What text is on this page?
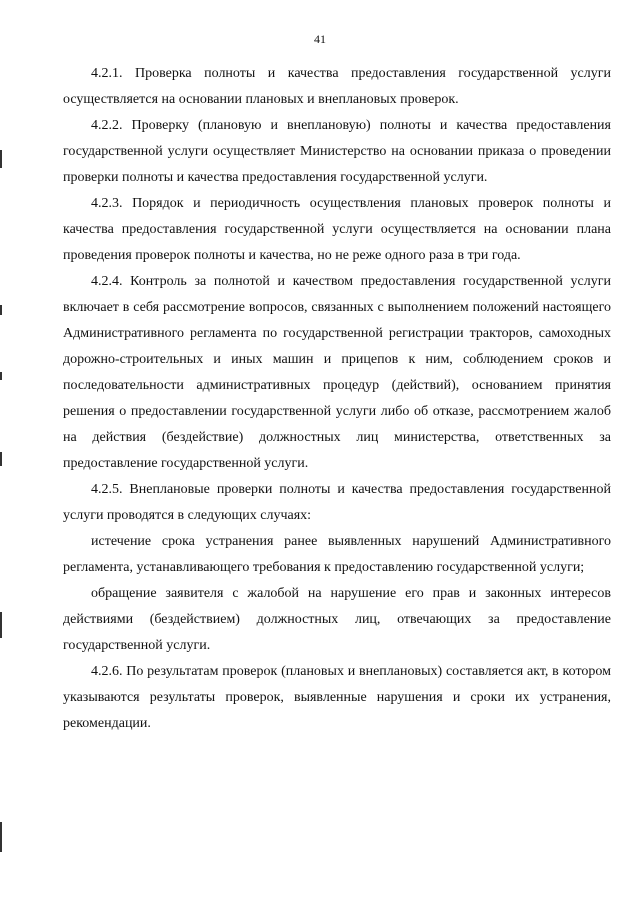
41

4.2.1. Проверка полноты и качества предоставления государственной услуги осуществляется на основании плановых и внеплановых проверок.

4.2.2. Проверку (плановую и внеплановую) полноты и качества предоставления государственной услуги осуществляет Министерство на основании приказа о проведении проверки полноты и качества предоставления государственной услуги.

4.2.3. Порядок и периодичность осуществления плановых проверок полноты и качества предоставления государственной услуги осуществляется на основании плана проведения проверок полноты и качества, но не реже одного раза в три года.

4.2.4. Контроль за полнотой и качеством предоставления государственной услуги включает в себя рассмотрение вопросов, связанных с выполнением положений настоящего Административного регламента по государственной регистрации тракторов, самоходных дорожно-строительных и иных машин и прицепов к ним, соблюдением сроков и последовательности административных процедур (действий), основанием принятия решения о предоставлении государственной услуги либо об отказе, рассмотрением жалоб на действия (бездействие) должностных лиц министерства, ответственных за предоставление государственной услуги.

4.2.5. Внеплановые проверки полноты и качества предоставления государственной услуги проводятся в следующих случаях:

истечение срока устранения ранее выявленных нарушений Административного регламента, устанавливающего требования к предоставлению государственной услуги;

обращение заявителя с жалобой на нарушение его прав и законных интересов действиями (бездействием) должностных лиц, отвечающих за предоставление государственной услуги.

4.2.6. По результатам проверок (плановых и внеплановых) составляется акт, в котором указываются результаты проверок, выявленные нарушения и сроки их устранения, рекомендации.
